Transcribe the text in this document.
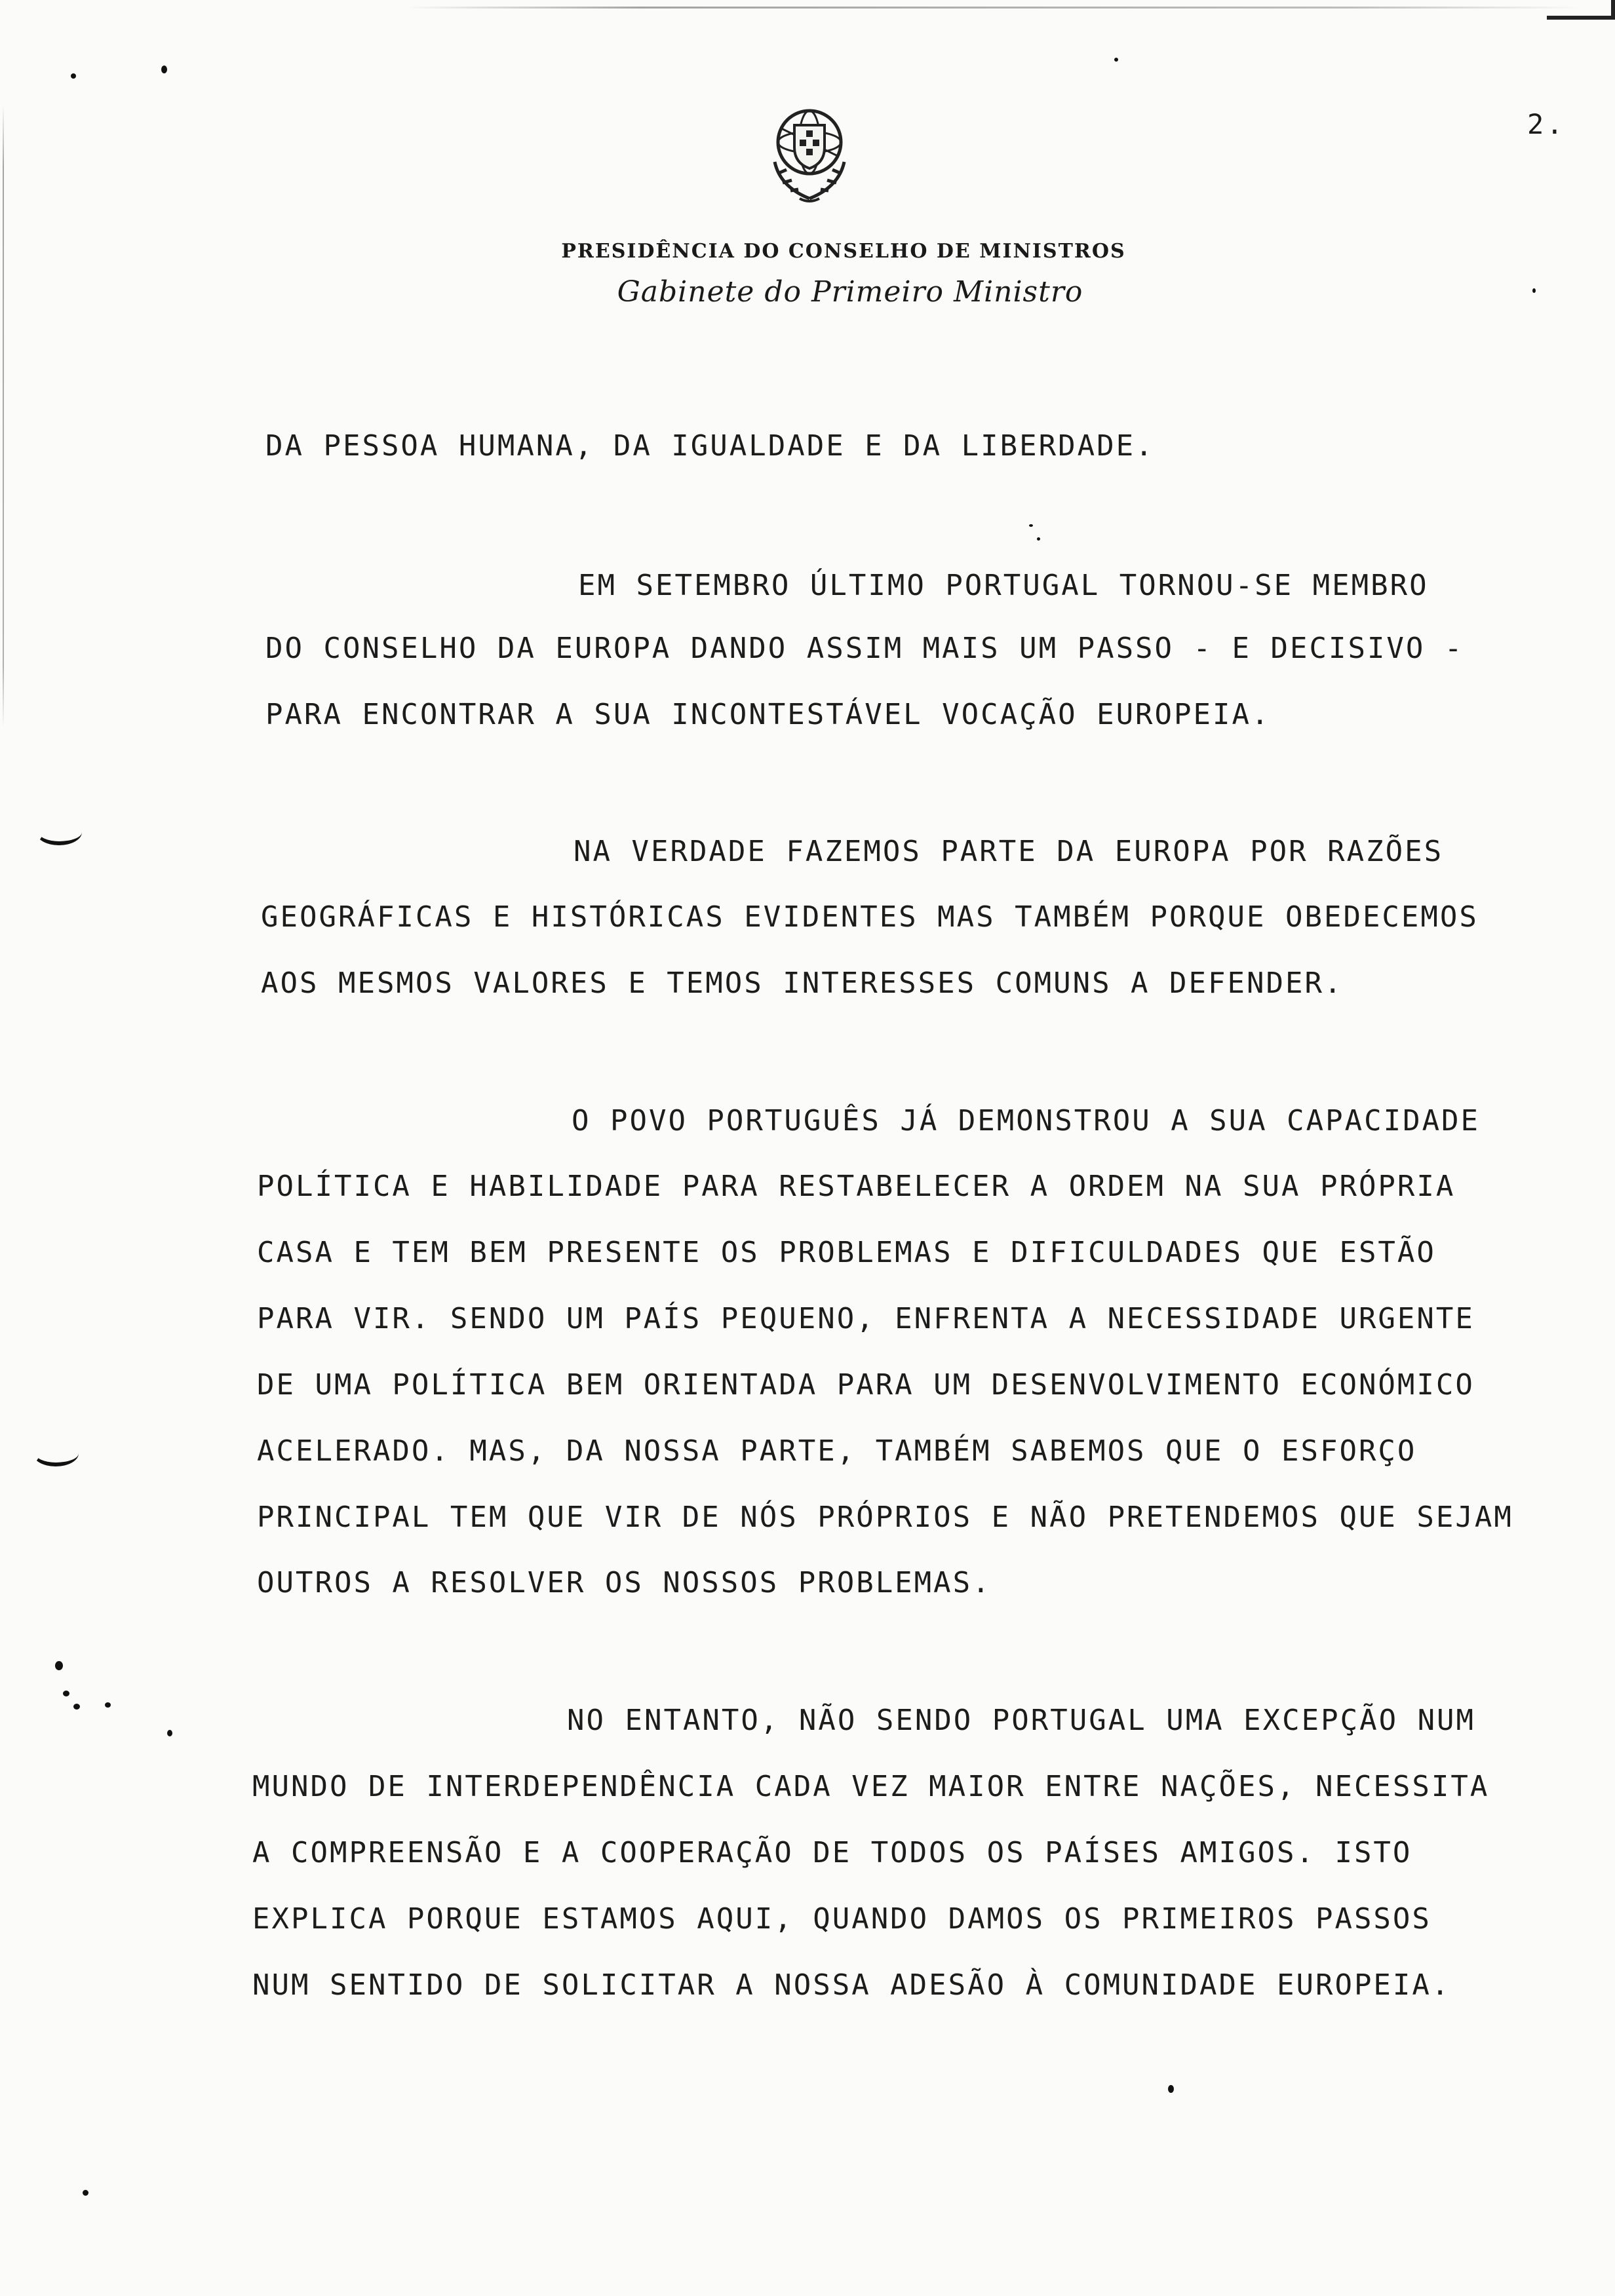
2.
PRESIDÊNCIA DO CONSELHO DE MINISTROS
Gabinete do Primeiro Ministro

DA PESSOA HUMANA, DA IGUALDADE E DA LIBERDADE.

EM SETEMBRO ÚLTIMO PORTUGAL TORNOU-SE MEMBRO

DO CONSELHO DA EUROPA DANDO ASSIM MAIS UM PASSO - E DECISIVO -

PARA ENCONTRAR A SUA INCONTESTÁVEL VOCAÇÃO EUROPEIA.

NA VERDADE FAZEMOS PARTE DA EUROPA POR RAZÕES

GEOGRÁFICAS E HISTÓRICAS EVIDENTES MAS TAMBÉM PORQUE OBEDECEMOS

AOS MESMOS VALORES E TEMOS INTERESSES COMUNS A DEFENDER.

O POVO PORTUGUÊS JÁ DEMONSTROU A SUA CAPACIDADE

POLÍTICA E HABILIDADE PARA RESTABELECER A ORDEM NA SUA PRÓPRIA

CASA E TEM BEM PRESENTE OS PROBLEMAS E DIFICULDADES QUE ESTÃO

PARA VIR. SENDO UM PAÍS PEQUENO, ENFRENTA A NECESSIDADE URGENTE

DE UMA POLÍTICA BEM ORIENTADA PARA UM DESENVOLVIMENTO ECONÓMICO

ACELERADO. MAS, DA NOSSA PARTE, TAMBÉM SABEMOS QUE O ESFORÇO

PRINCIPAL TEM QUE VIR DE NÓS PRÓPRIOS E NÃO PRETENDEMOS QUE SEJAM

OUTROS A RESOLVER OS NOSSOS PROBLEMAS.

NO ENTANTO, NÃO SENDO PORTUGAL UMA EXCEPÇÃO NUM

MUNDO DE INTERDEPENDÊNCIA CADA VEZ MAIOR ENTRE NAÇÕES, NECESSITA

A COMPREENSÃO E A COOPERAÇÃO DE TODOS OS PAÍSES AMIGOS. ISTO

EXPLICA PORQUE ESTAMOS AQUI, QUANDO DAMOS OS PRIMEIROS PASSOS

NUM SENTIDO DE SOLICITAR A NOSSA ADESÃO À COMUNIDADE EUROPEIA.
